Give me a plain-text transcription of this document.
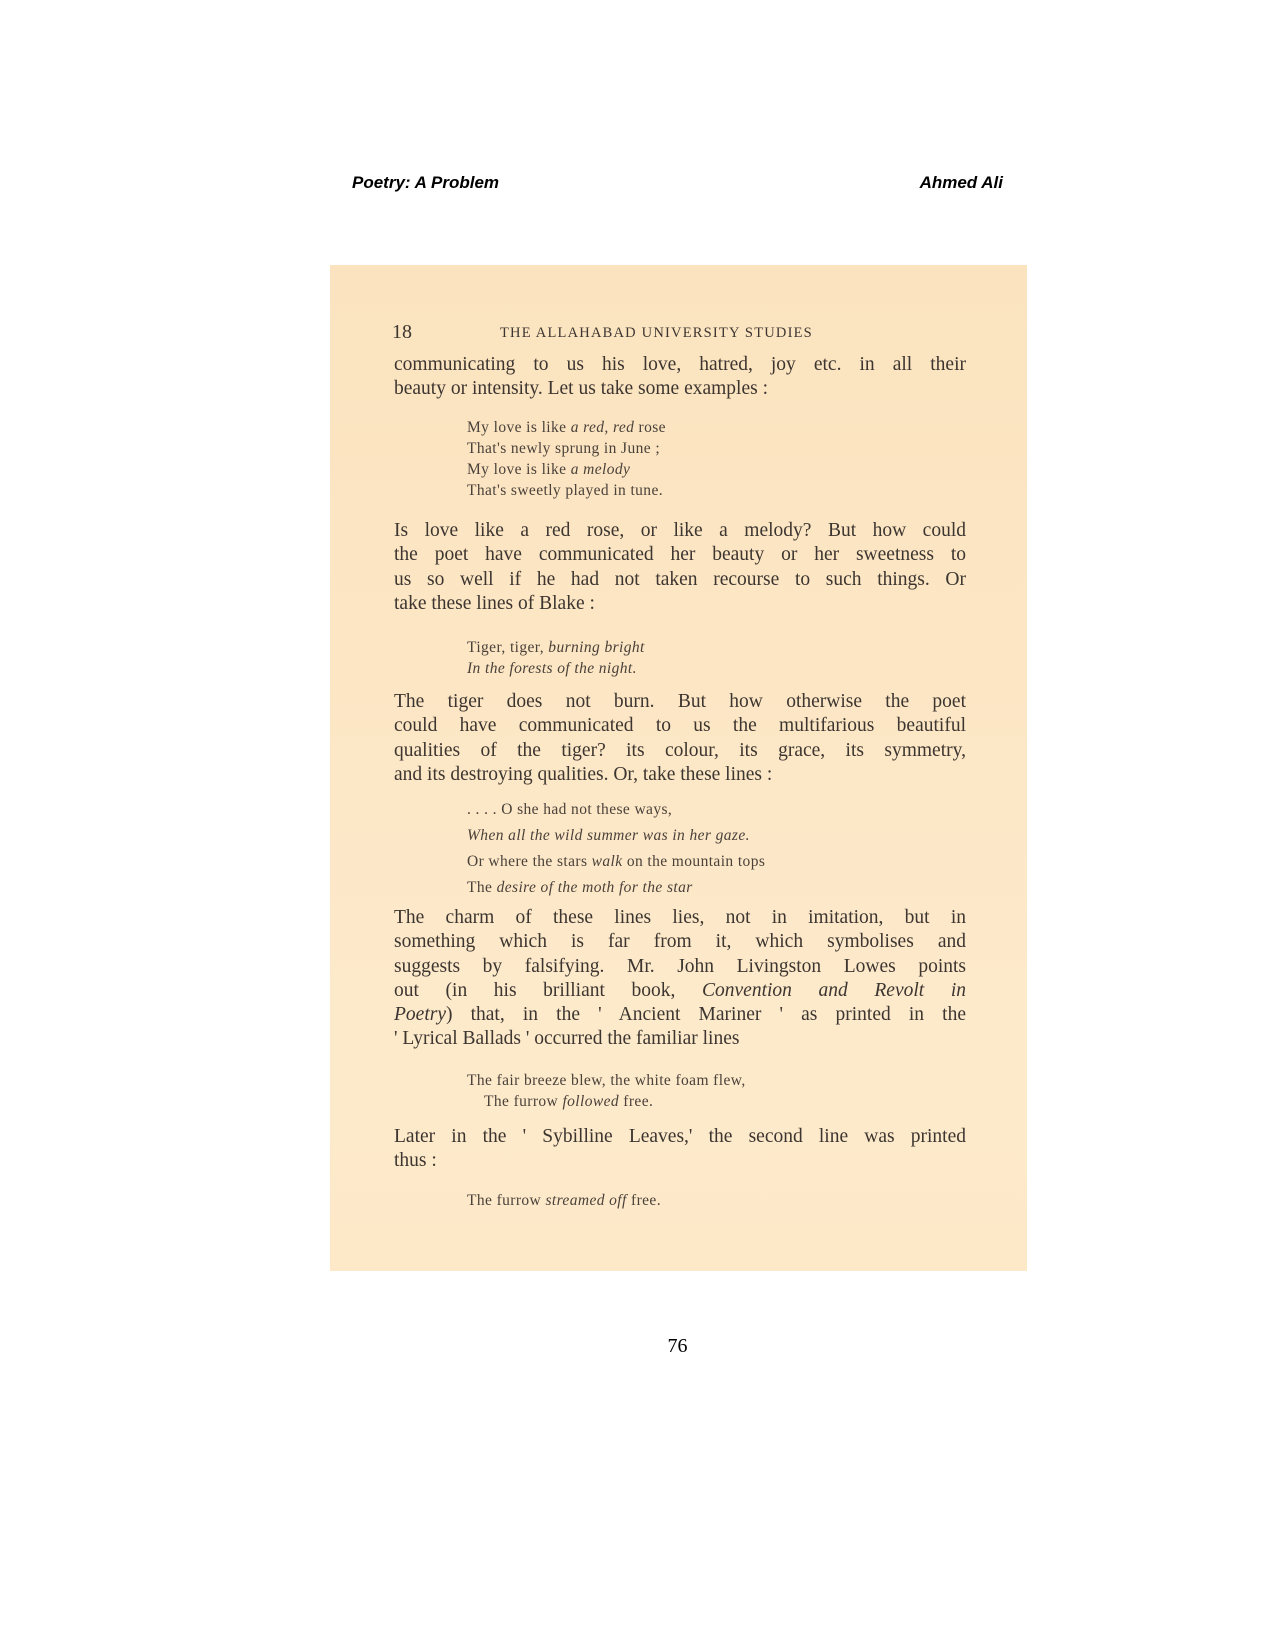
Poetry: A Problem	Ahmed Ali
18	THE ALLAHABAD UNIVERSITY STUDIES
communicating to us his love, hatred, joy etc. in all their
beauty or intensity. Let us take some examples :
My love is like a red, red rose
That's newly sprung in June ;
My love is like a melody
That's sweetly played in tune.
Is love like a red rose, or like a melody? But how could
the poet have communicated her beauty or her sweetness to
us so well if he had not taken recourse to such things. Or
take these lines of Blake :
Tiger, tiger, burning bright
In the forests of the night.
The tiger does not burn. But how otherwise the poet
could have communicated to us the multifarious beautiful
qualities of the tiger? its colour, its grace, its symmetry,
and its destroying qualities. Or, take these lines :
. . . . O she had not these ways,
When all the wild summer was in her gaze.
Or where the stars walk on the mountain tops
The desire of the moth for the star
The charm of these lines lies, not in imitation, but in
something which is far from it, which symbolises and
suggests by falsifying. Mr. John Livingston Lowes points
out (in his brilliant book, Convention and Revolt in
Poetry) that, in the ' Ancient Mariner ' as printed in the
' Lyrical Ballads ' occurred the familiar lines
The fair breeze blew, the white foam flew,
The furrow followed free.
Later in the ' Sybilline Leaves,' the second line was printed
thus :
The furrow streamed off free.
76
